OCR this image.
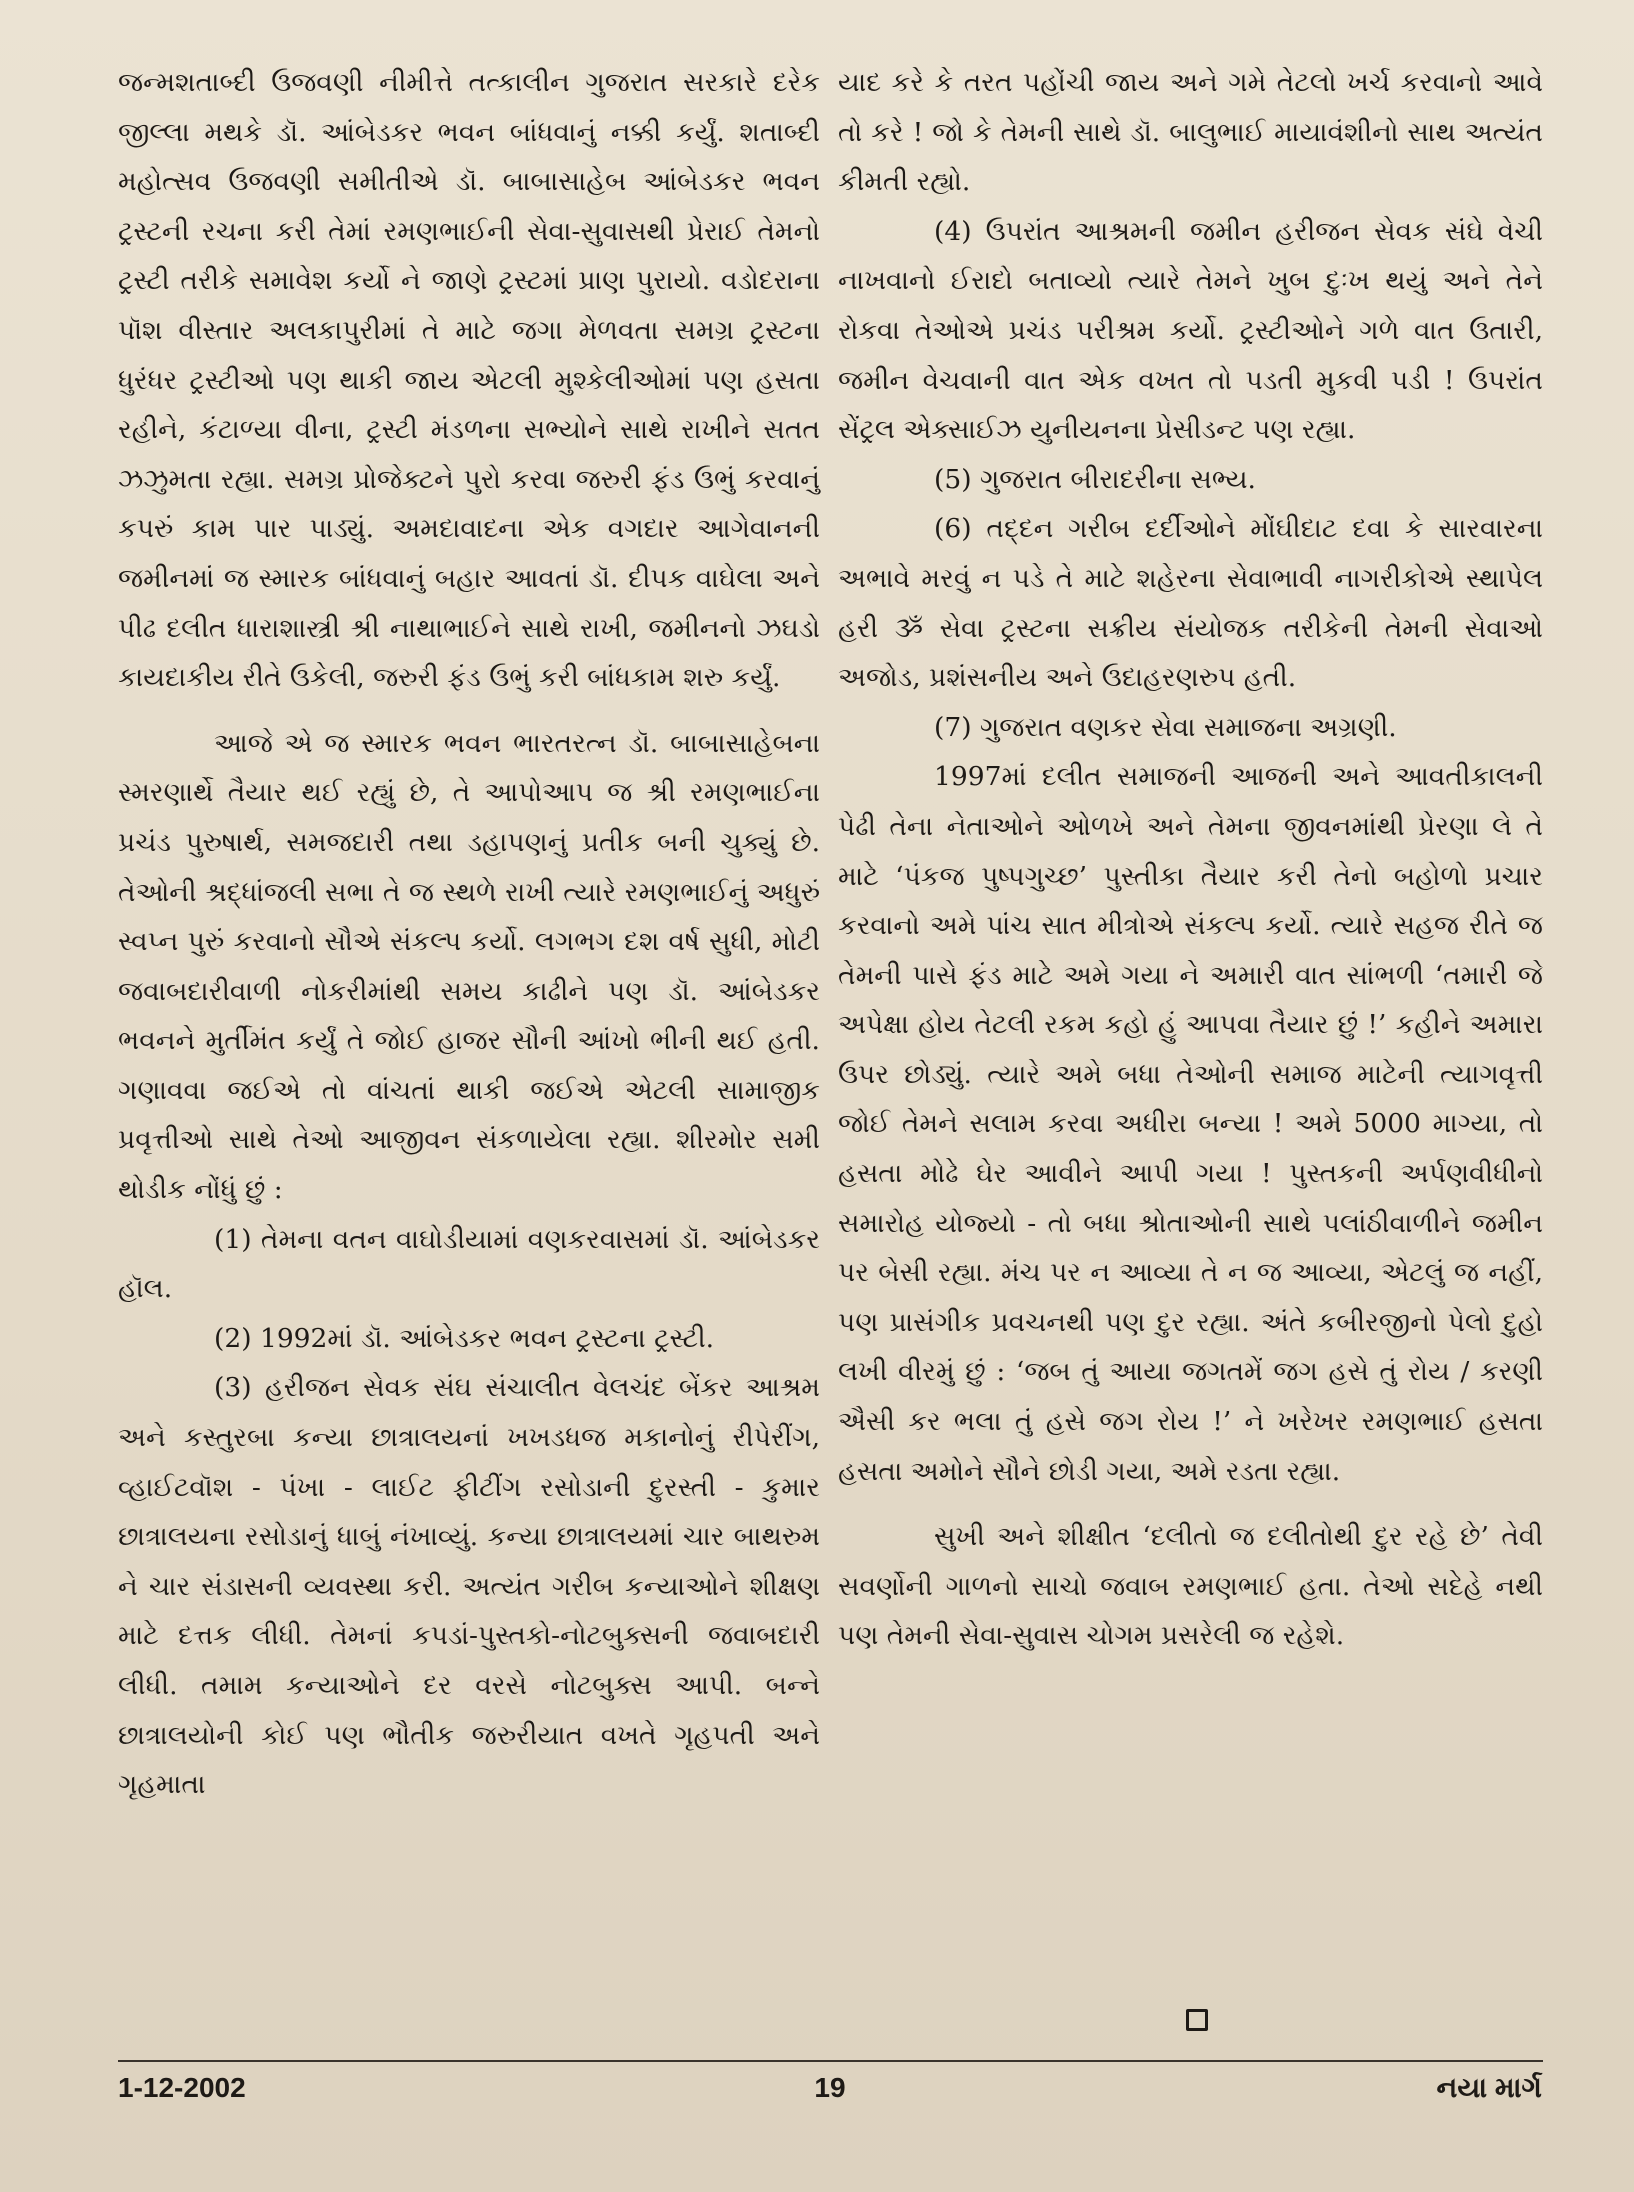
જન્મશતાબ્દી ઉજવણી નીમીત્તે તત્કાલીન ગુજરાત સરકારે દરેક જીલ્લા મથકે ડૉ. આંબેડકર ભવન બાંધવાનું નક્કી કર્યું. શતાબ્દી મહોત્સવ ઉજવણી સમીતીએ ડૉ. બાબાસાહેબ આંબેડકર ભવન ટ્રસ્ટની રચના કરી તેમાં રમણભાઈની સેવા-સુવાસથી પ્રેરાઈ તેમનો ટ્રસ્ટી તરીકે સમાવેશ કર્યો ને જાણે ટ્રસ્ટમાં પ્રાણ પુરાયો. વડોદરાના પૉશ વીસ્તાર અલકાપુરીમાં તે માટે જગા મેળવતા સમગ્ર ટ્રસ્ટના ધુરંધર ટ્રસ્ટીઓ પણ થાકી જાય એટલી મુશ્કેલીઓમાં પણ હસતા રહીને, કંટાળ્યા વીના, ટ્રસ્ટી મંડળના સભ્યોને સાથે રાખીને સતત ઝઝુમતા રહ્યા. સમગ્ર પ્રોજેક્ટને પુરો કરવા જરુરી ફંડ ઉભું કરવાનું કપરું કામ પાર પાડ્યું. અમદાવાદના એક વગદાર આગેવાનની જમીનમાં જ સ્મારક બાંધવાનું બહાર આવતાં ડૉ. દીપક વાઘેલા અને પીઢ દલીત ધારાશાસ્ત્રી શ્રી નાથાભાઈને સાથે રાખી, જમીનનો ઝઘડો કાયદાકીય રીતે ઉકેલી, જરુરી ફંડ ઉભું કરી બાંધકામ શરુ કર્યું.

આજે એ જ સ્મારક ભવન ભારતરત્ન ડૉ. બાબાસાહેબના સ્મરણાર્થે તૈયાર થઈ રહ્યું છે, તે આપોઆપ જ શ્રી રમણભાઈના પ્રચંડ પુરુષાર્થ, સમજદારી તથા ડહાપણનું પ્રતીક બની ચુક્યું છે. તેઓની શ્રદ્ધાંજલી સભા તે જ સ્થળે રાખી ત્યારે રમણભાઈનું અધુરું સ્વપ્ન પુરું કરવાનો સૌએ સંકલ્પ કર્યો. લગભગ દશ વર્ષ સુધી, મોટી જવાબદારીવાળી નોકરીમાંથી સમય કાઢીને પણ ડૉ. આંબેડકર ભવનને મુર્તીમંત કર્યું તે જોઈ હાજર સૌની આંખો ભીની થઈ હતી. ગણાવવા જઈએ તો વાંચતાં થાકી જઈએ એટલી સામાજીક પ્રવૃત્તીઓ સાથે તેઓ આજીવન સંકળાયેલા રહ્યા. શીરમોર સમી થોડીક નોંધું છું :

(1) તેમના વતન વાઘોડીયામાં વણકરવાસમાં ડૉ. આંબેડકર હૉલ.

(2) 1992માં ડૉ. આંબેડકર ભવન ટ્રસ્ટના ટ્રસ્ટી.

(3) હરીજન સેવક સંઘ સંચાલીત વેલચંદ બેંકર આશ્રમ અને કસ્તુરબા કન્યા છાત્રાલયનાં ખખડધજ મકાનોનું રીપેરીંગ, વ્હાઈટવૉશ - પંખા - લાઈટ ફીટીંગ રસોડાની દુરસ્તી - કુમાર છાત્રાલયના રસોડાનું ધાબું નંખાવ્યું. કન્યા છાત્રાલયમાં ચાર બાથરુમ ને ચાર સંડાસની વ્યવસ્થા કરી. અત્યંત ગરીબ કન્યાઓને શીક્ષણ માટે દત્તક લીધી. તેમનાં કપડાં-પુસ્તકો-નોટબુક્સની જવાબદારી લીધી. તમામ કન્યાઓને દર વરસે નોટબુક્સ આપી. બન્ને છાત્રાલયોની કોઈ પણ ભૌતીક જરુરીયાત વખતે ગૃહપતી અને ગૃહમાતા

યાદ કરે કે તરત પહોંચી જાય અને ગમે તેટલો ખર્ચ કરવાનો આવે તો કરે ! જો કે તેમની સાથે ડૉ. બાલુભાઈ માયાવંશીનો સાથ અત્યંત કીમતી રહ્યો.

(4) ઉપરાંત આશ્રમની જમીન હરીજન સેવક સંઘે વેચી નાખવાનો ઈરાદો બતાવ્યો ત્યારે તેમને ખુબ દુઃખ થયું અને તેને રોકવા તેઓએ પ્રચંડ પરીશ્રમ કર્યો. ટ્રસ્ટીઓને ગળે વાત ઉતારી, જમીન વેચવાની વાત એક વખત તો પડતી મુકવી પડી ! ઉપરાંત સેંટ્રલ એક્સાઈઝ યુનીયનના પ્રેસીડન્ટ પણ રહ્યા.

(5) ગુજરાત બીરાદરીના સભ્ય.

(6) તદ્દન ગરીબ દર્દીઓને મોંઘીદાટ દવા કે સારવારના અભાવે મરવું ન પડે તે માટે શહેરના સેવાભાવી નાગરીકોએ સ્થાપેલ હરી ૐ સેવા ટ્રસ્ટના સક્રીય સંયોજક તરીકેની તેમની સેવાઓ અજોડ, પ્રશંસનીય અને ઉદાહરણરુપ હતી.

(7) ગુજરાત વણકર સેવા સમાજના અગ્રણી.

1997માં દલીત સમાજની આજની અને આવતીકાલની પેઢી તેના નેતાઓને ઓળખે અને તેમના જીવનમાંથી પ્રેરણા લે તે માટે ‘પંકજ પુષ્પગુચ્છ’ પુસ્તીકા તૈયાર કરી તેનો બહોળો પ્રચાર કરવાનો અમે પાંચ સાત મીત્રોએ સંકલ્પ કર્યો. ત્યારે સહજ રીતે જ તેમની પાસે ફંડ માટે અમે ગયા ને અમારી વાત સાંભળી ‘તમારી જે અપેક્ષા હોય તેટલી રકમ કહો હું આપવા તૈયાર છું !’ કહીને અમારા ઉપર છોડ્યું. ત્યારે અમે બધા તેઓની સમાજ માટેની ત્યાગવૃત્તી જોઈ તેમને સલામ કરવા અધીરા બન્યા ! અમે 5000 માગ્યા, તો હસતા મોઢે ઘેર આવીને આપી ગયા ! પુસ્તકની અર્પણવીધીનો સમારોહ યોજ્યો - તો બધા શ્રોતાઓની સાથે પલાંઠીવાળીને જમીન પર બેસી રહ્યા. મંચ પર ન આવ્યા તે ન જ આવ્યા, એટલું જ નહીં, પણ પ્રાસંગીક પ્રવચનથી પણ દુર રહ્યા. અંતે કબીરજીનો પેલો દુહો લખી વીરમું છું : ‘જબ તું આયા જગતમેં જગ હસે તું રોય / કરણી ઐસી કર ભલા તું હસે જગ રોય !’ ને ખરેખર રમણભાઈ હસતા હસતા અમોને સૌને છોડી ગયા, અમે રડતા રહ્યા.

સુખી અને શીક્ષીત ‘દલીતો જ દલીતોથી દુર રહે છે’ તેવી સવર્ણોની ગાળનો સાચો જવાબ રમણભાઈ હતા. તેઓ સદેહે નથી પણ તેમની સેવા-સુવાસ ચોગમ પ્રસરેલી જ રહેશે.

1-12-2002	19	નયા માર્ગ
